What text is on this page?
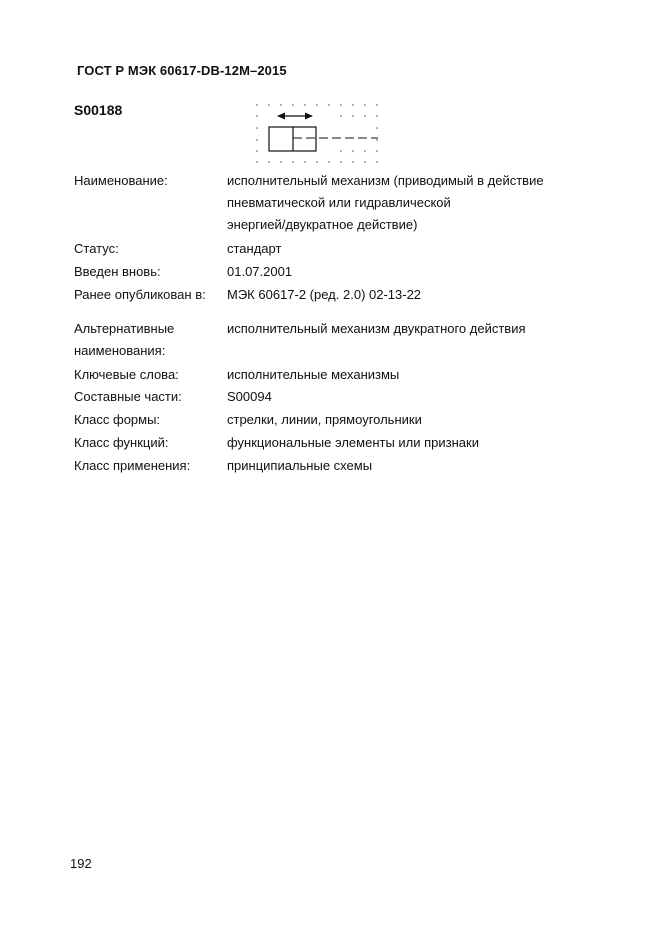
ГОСТ Р МЭК 60617-DB-12M–2015
S00188
Наименование:	исполнительный механизм (приводимый в действие
пневматической или гидравлической
энергией/двукратное действие)
Статус:	стандарт
Введен вновь:	01.07.2001
Ранее опубликован в:	МЭК 60617-2 (ред. 2.0) 02-13-22
Альтернативные
наименования:
исполнительный механизм двукратного действия
Ключевые слова:	исполнительные механизмы
Составные части:	S00094
Класс формы:	стрелки, линии, прямоугольники
Класс функций:	функциональные элементы или признаки
Класс применения:	принципиальные схемы
192
